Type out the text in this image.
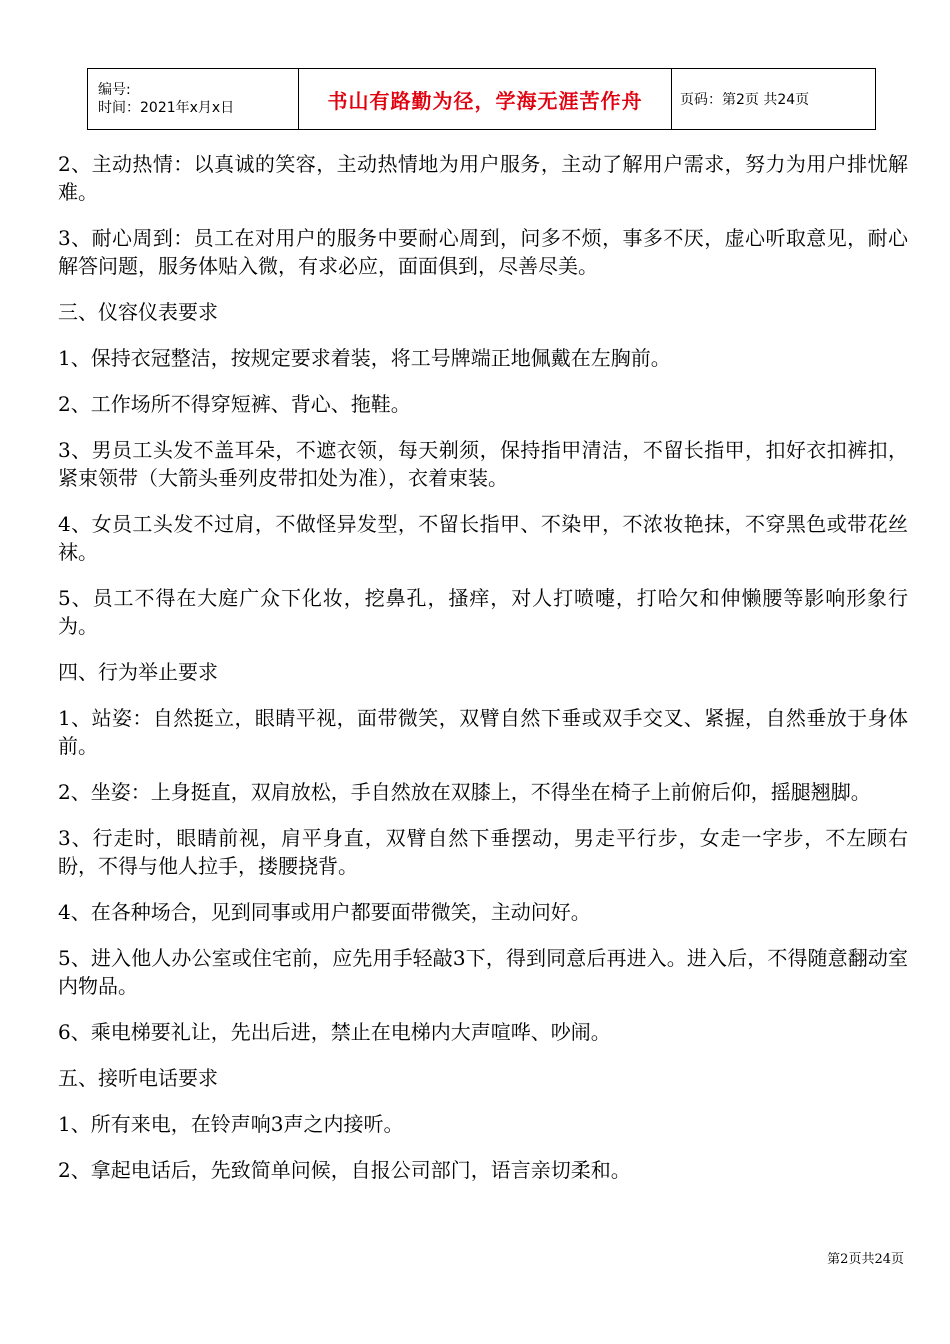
编号:
时间：2021年x月x日	书山有路勤为径，学海无涯苦作舟	页码：第2页 共24页

2、主动热情：以真诚的笑容，主动热情地为用户服务，主动了解用户需求，努力为用户排忧解难。

3、耐心周到：员工在对用户的服务中要耐心周到，问多不烦，事多不厌，虚心听取意见，耐心解答问题，服务体贴入微，有求必应，面面俱到，尽善尽美。

三、仪容仪表要求

1、保持衣冠整洁，按规定要求着装，将工号牌端正地佩戴在左胸前。

2、工作场所不得穿短裤、背心、拖鞋。

3、男员工头发不盖耳朵，不遮衣领，每天剃须，保持指甲清洁，不留长指甲，扣好衣扣裤扣，紧束领带（大箭头垂列皮带扣处为准），衣着束装。

4、女员工头发不过肩，不做怪异发型，不留长指甲、不染甲，不浓妆艳抹，不穿黑色或带花丝袜。

5、员工不得在大庭广众下化妆，挖鼻孔，搔痒，对人打喷嚏，打哈欠和伸懒腰等影响形象行为。

四、行为举止要求

1、站姿：自然挺立，眼睛平视，面带微笑，双臂自然下垂或双手交叉、紧握，自然垂放于身体前。

2、坐姿：上身挺直，双肩放松，手自然放在双膝上，不得坐在椅子上前俯后仰，摇腿翘脚。

3、行走时，眼睛前视，肩平身直，双臂自然下垂摆动，男走平行步，女走一字步，不左顾右盼，不得与他人拉手，搂腰挠背。

4、在各种场合，见到同事或用户都要面带微笑，主动问好。

5、进入他人办公室或住宅前，应先用手轻敲3下，得到同意后再进入。进入后，不得随意翻动室内物品。

6、乘电梯要礼让，先出后进，禁止在电梯内大声喧哗、吵闹。

五、接听电话要求

1、所有来电，在铃声响3声之内接听。

2、拿起电话后，先致简单问候，自报公司部门，语言亲切柔和。

第2页共24页
